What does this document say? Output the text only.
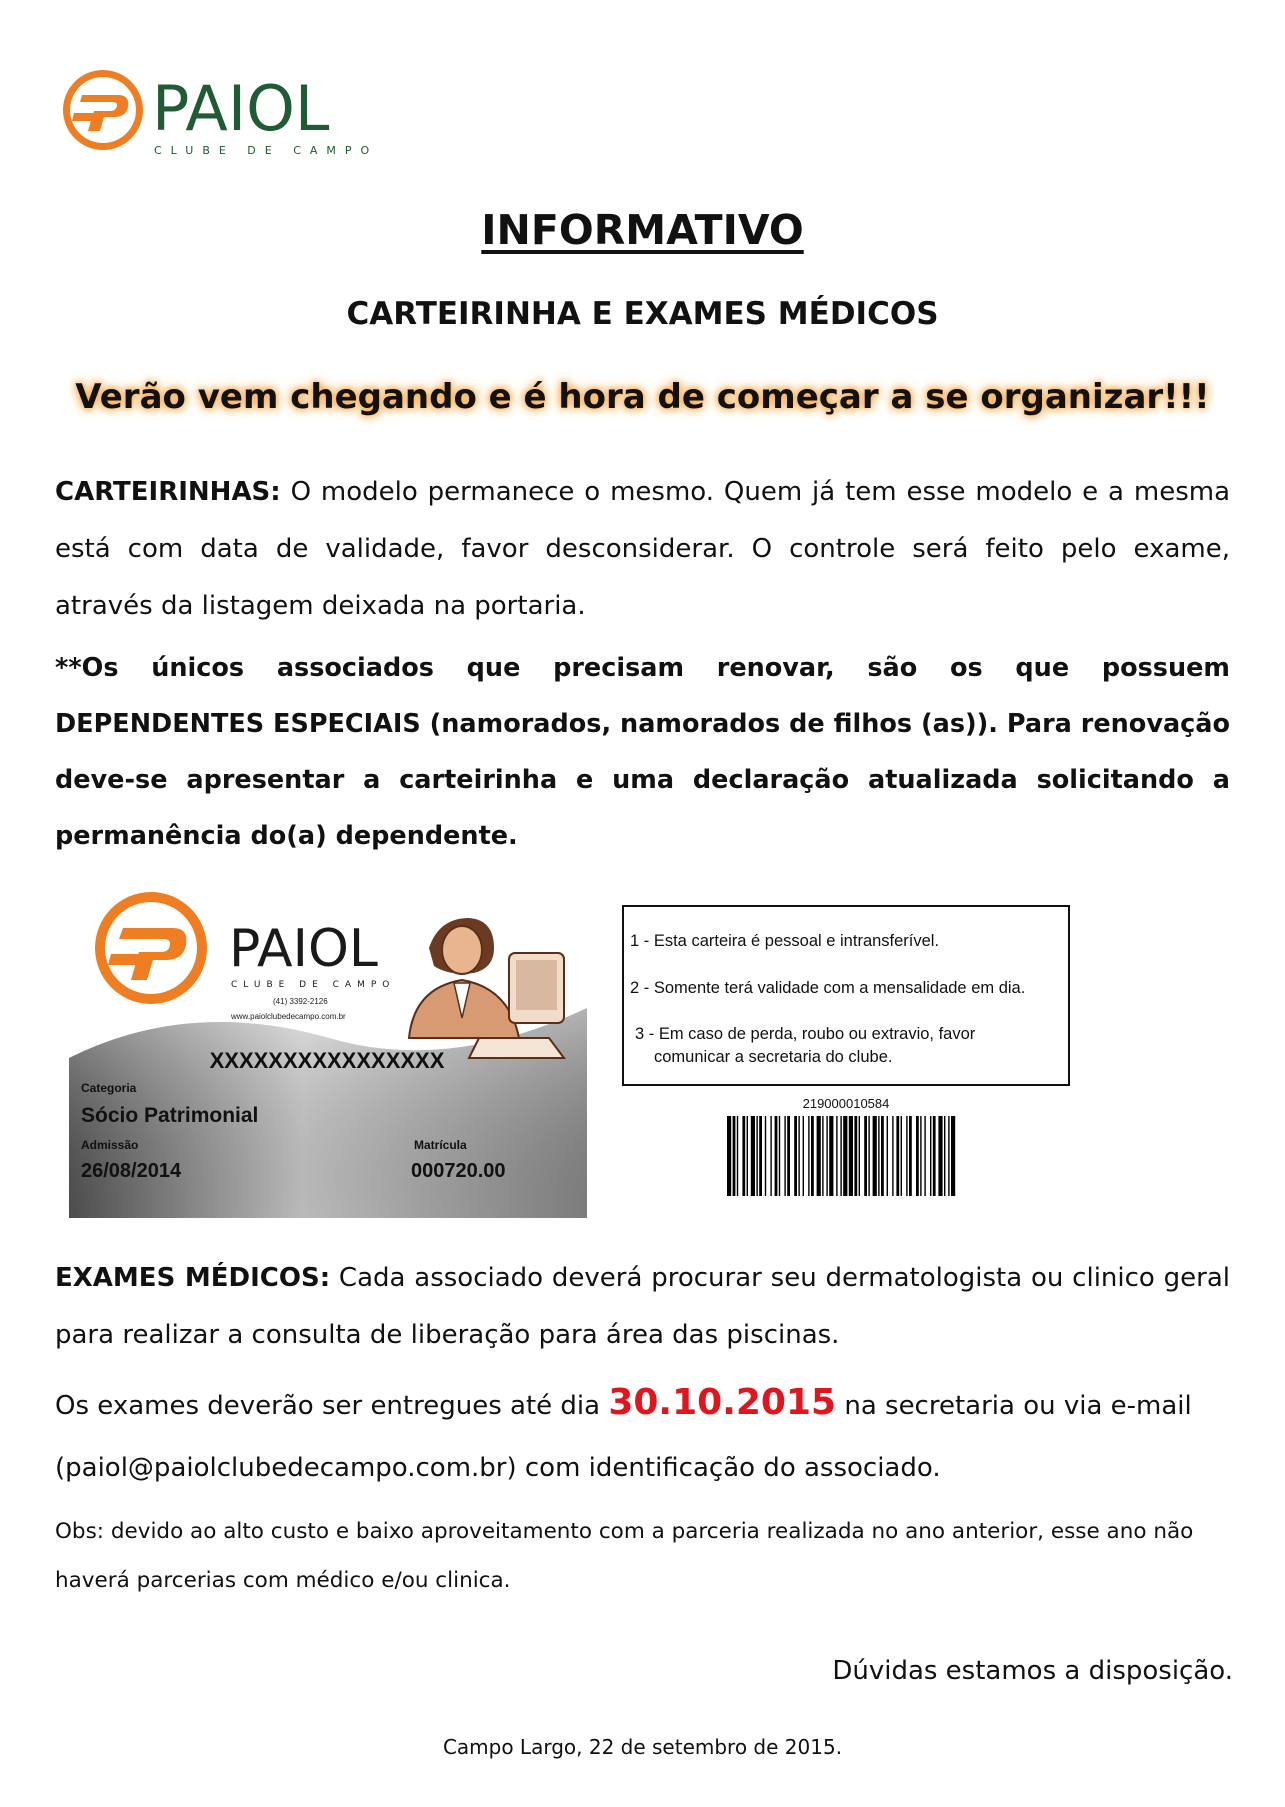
PAIOL
CLUBE DE CAMPO
INFORMATIVO
CARTEIRINHA E EXAMES MÉDICOS
Verão vem chegando e é hora de começar a se organizar!!!
CARTEIRINHAS: O modelo permanece o mesmo. Quem já tem esse modelo e a mesma está com data de validade, favor desconsiderar. O controle será feito pelo exame, através da listagem deixada na portaria.
**Os únicos associados que precisam renovar, são os que possuem DEPENDENTES ESPECIAIS (namorados, namorados de filhos (as)). Para renovação deve-se apresentar a carteirinha e uma declaração atualizada solicitando a permanência do(a) dependente.
PAIOL
CLUBE DE CAMPO
(41) 3392-2126
www.paiolclubedecampo.com.br
XXXXXXXXXXXXXXXX
Categoria
Sócio Patrimonial
Admissão
26/08/2014
Matrícula
000720.00
1 - Esta carteira é pessoal e intransferível.
2 - Somente terá validade com a mensalidade em dia.
3 - Em caso de perda, roubo ou extravio, favor
comunicar a secretaria do clube.
219000010584
EXAMES MÉDICOS: Cada associado deverá procurar seu dermatologista ou clinico geral para realizar a consulta de liberação para área das piscinas.
Os exames deverão ser entregues até dia 30.10.2015 na secretaria ou via e-mail
(paiol@paiolclubedecampo.com.br) com identificação do associado.
Obs: devido ao alto custo e baixo aproveitamento com a parceria realizada no ano anterior, esse ano não haverá parcerias com médico e/ou clinica.
Dúvidas estamos a disposição.
Campo Largo, 22 de setembro de 2015.
